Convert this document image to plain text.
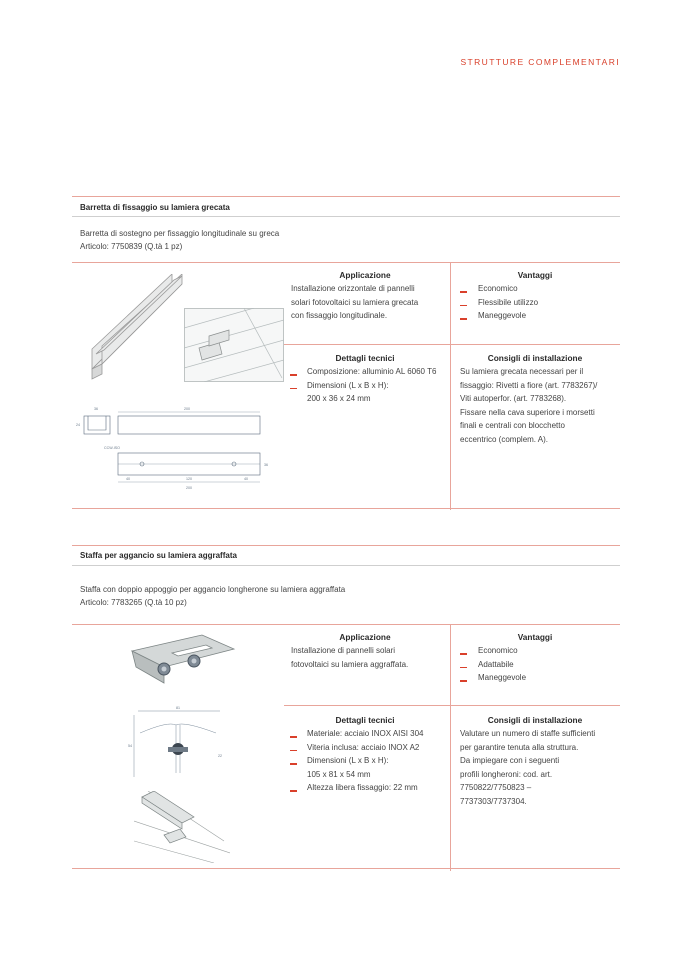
STRUTTURE COMPLEMENTARI
Barretta di fissaggio su lamiera grecata
Barretta di sostegno per fissaggio longitudinale su greca
Articolo: 7750839 (Q.tà 1 pz)
36
24
200
CCW-ISO
36
40	120	40
200
Applicazione
Installazione orizzontale di pannelli
solari fotovoltaici su lamiera grecata
con fissaggio longitudinale.
Vantaggi
Economico
Flessibile utilizzo
Maneggevole
Dettagli tecnici
Composizione: alluminio AL 6060 T6
Dimensioni (L x B x H):
200 x 36 x 24 mm
Consigli di installazione
Su lamiera grecata necessari per il
fissaggio: Rivetti a fiore (art. 7783267)/
Viti autoperfor. (art. 7783268).
Fissare nella cava superiore i morsetti
finali e centrali con blocchetto
eccentrico (complem. A).
Staffa per aggancio su lamiera aggraffata
Staffa con doppio appoggio per aggancio longherone su lamiera aggraffata
Articolo: 7783265 (Q.tà 10 pz)
81
54
22
Applicazione
Installazione di pannelli solari
fotovoltaici su lamiera aggraffata.
Vantaggi
Economico
Adattabile
Maneggevole
Dettagli tecnici
Materiale: acciaio INOX AISI 304
Viteria inclusa: acciaio INOX A2
Dimensioni (L x B x H):
105 x 81 x 54 mm
Altezza libera fissaggio: 22 mm
Consigli di installazione
Valutare un numero di staffe sufficienti
per garantire tenuta alla struttura.
Da impiegare con i seguenti
profili longheroni: cod. art.
7750822/7750823 –
7737303/7737304.
